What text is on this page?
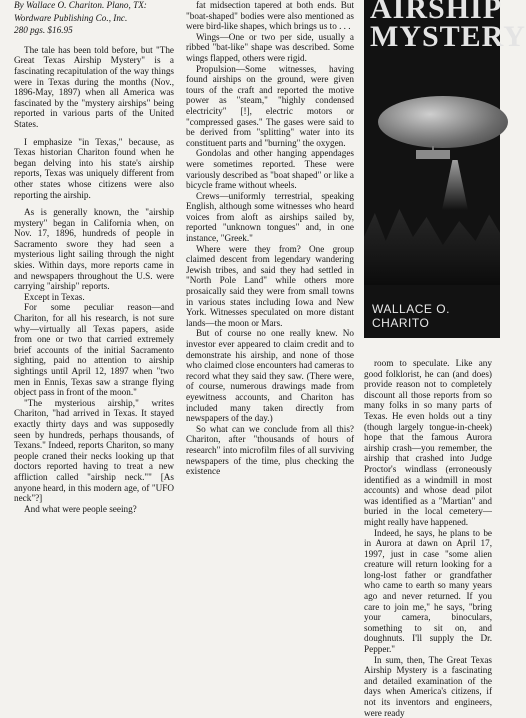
By Wallace O. Chariton. Plano, TX:

Wordware Publishing Co., Inc.

280 pgs. $16.95

The tale has been told before, but "The Great Texas Airship Mystery" is a fascinating recapitulation of the way things were in Texas during the months (Nov., 1896-May, 1897) when all America was fascinated by the "mystery airships" being reported in various parts of the United States.

I emphasize "in Texas," because, as Texas historian Chariton found when he began delving into his state's airship reports, Texas was uniquely different from other states whose citizens were also reporting the airship.

As is generally known, the "airship mystery" began in California when, on Nov. 17, 1896, hundreds of people in Sacramento swore they had seen a mysterious light sailing through the night skies. Within days, more reports came in and newspapers throughout the U.S. were carrying "airship" reports.

Except in Texas.

For some peculiar reason—and Chariton, for all his research, is not sure why—virtually all Texas papers, aside from one or two that carried extremely brief accounts of the initial Sacramento sighting, paid no attention to airship sightings until April 12, 1897 when "two men in Ennis, Texas saw a strange flying object pass in front of the moon."

"The mysterious airship," writes Chariton, "had arrived in Texas. It stayed exactly thirty days and was supposedly seen by hundreds, perhaps thousands, of Texans." Indeed, reports Chariton, so many people craned their necks looking up that doctors reported having to treat a new affliction called "airship neck."" [As anyone heard, in this modern age, of "UFO neck"?]

And what were people seeing?

fat midsection tapered at both ends. But "boat-shaped" bodies were also mentioned as were bird-like shapes, which brings us to . . .

Wings—One or two per side, usually a ribbed "bat-like" shape was described. Some wings flapped, others were rigid.

Propulsion—Some witnesses, having found airships on the ground, were given tours of the craft and reported the motive power as "steam," "highly condensed electricity" [!], electric motors or "compressed gases." The gases were said to be derived from "splitting" water into its constituent parts and "burning" the oxygen.

Gondolas and other hanging appendages were sometimes reported. These were variously described as "boat shaped" or like a bicycle frame without wheels.

Crews—uniformly terrestrial, speaking English, although some witnesses who heard voices from aloft as airships sailed by, reported "unknown tongues" and, in one instance, "Greek."

Where were they from? One group claimed descent from legendary wandering Jewish tribes, and said they had settled in "North Pole Land" while others more prosaically said they were from small towns in various states including Iowa and New York. Witnesses speculated on more distant lands—the moon or Mars.

But of course no one really knew. No investor ever appeared to claim credit and to demonstrate his airship, and none of those who claimed close encounters had cameras to record what they said they saw. (There were, of course, numerous drawings made from eyewitness accounts, and Chariton has included many taken directly from newspapers of the day.)

So what can we conclude from all this? Chariton, after "thousands of hours of research" into microfilm files of all surviving newspapers of the time, plus checking the existence

AIRSHIP
MYSTERY
WALLACE O. CHARITO

room to speculate. Like any good folklorist, he can (and does) provide reason not to completely discount all those reports from so many folks in so many parts of Texas. He even holds out a tiny (though largely tongue-in-cheek) hope that the famous Aurora airship crash—you remember, the airship that crashed into Judge Proctor's windlass (erroneously identified as a windmill in most accounts) and whose dead pilot was identified as a "Martian" and buried in the local cemetery—might really have happened.

Indeed, he says, he plans to be in Aurora at dawn on April 17, 1997, just in case "some alien creature will return looking for a long-lost father or grandfather who came to earth so many years ago and never returned. If you care to join me," he says, "bring your camera, binoculars, something to sit on, and doughnuts. I'll supply the Dr. Pepper."

In sum, then, The Great Texas Airship Mystery is a fascinating and detailed examination of the days when America's citizens, if not its inventors and engineers, were ready
